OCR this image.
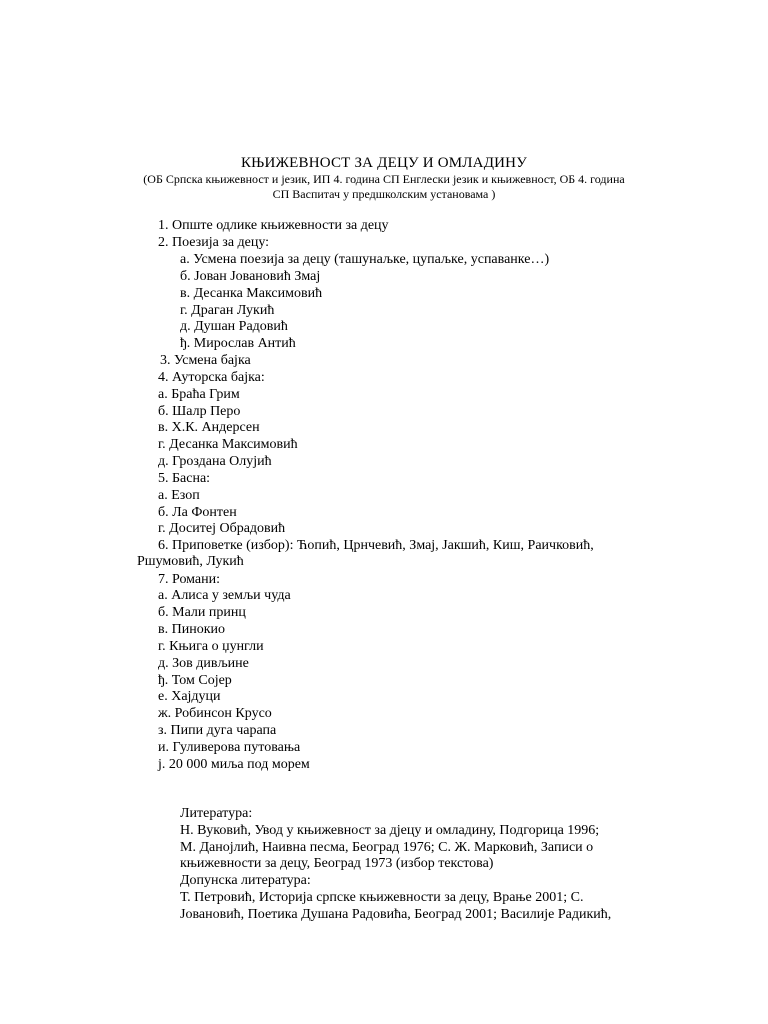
КЊИЖЕВНОСТ ЗА ДЕЦУ И ОМЛАДИНУ
(ОБ Српска књижевност и језик, ИП 4. година СП Енглески језик и књижевност, ОБ 4. година
СП Васпитач у предшколским установама )
1. Опште одлике књижевности за децу
2. Поезија за децу:
а. Усмена поезија за децу (ташунаљке, цупаљке, успаванке…)
б. Јован Јовановић Змај
в. Десанка Максимовић
г. Драган Лукић
д. Душан Радовић
ђ. Мирослав Антић
3. Усмена бајка
4. Ауторска бајка:
а. Браћа Грим
б. Шалр Перо
в. Х.К. Андерсен
г. Десанка Максимовић
д. Гроздана Олујић
5. Басна:
а. Езоп
б. Ла Фонтен
г. Доситеј Обрадовић
6. Приповетке (избор): Ћопић, Црнчевић, Змај, Јакшић, Киш, Раичковић,
Ршумовић, Лукић
7. Романи:
а. Алиса у земљи чуда
б. Мали принц
в. Пинокио
г. Књига о џунгли
д. Зов дивљине
ђ. Том Сојер
е. Хајдуци
ж. Робинсон Крусо
з. Пипи дуга чарапа
и. Гуливерова путовања
ј. 20 000 миља под морем
Литература:
Н. Вуковић, Увод у књижевност за дјецу и омладину, Подгорица 1996;
М. Данојлић, Наивна песма, Београд 1976; С. Ж. Марковић, Записи о
књижевности за децу, Београд 1973 (избор текстова)
Допунска литература:
Т. Петровић, Историја српске књижевности за децу, Врање 2001; С.
Јовановић, Поетика Душана Радовића, Београд 2001; Василије Радикић,
